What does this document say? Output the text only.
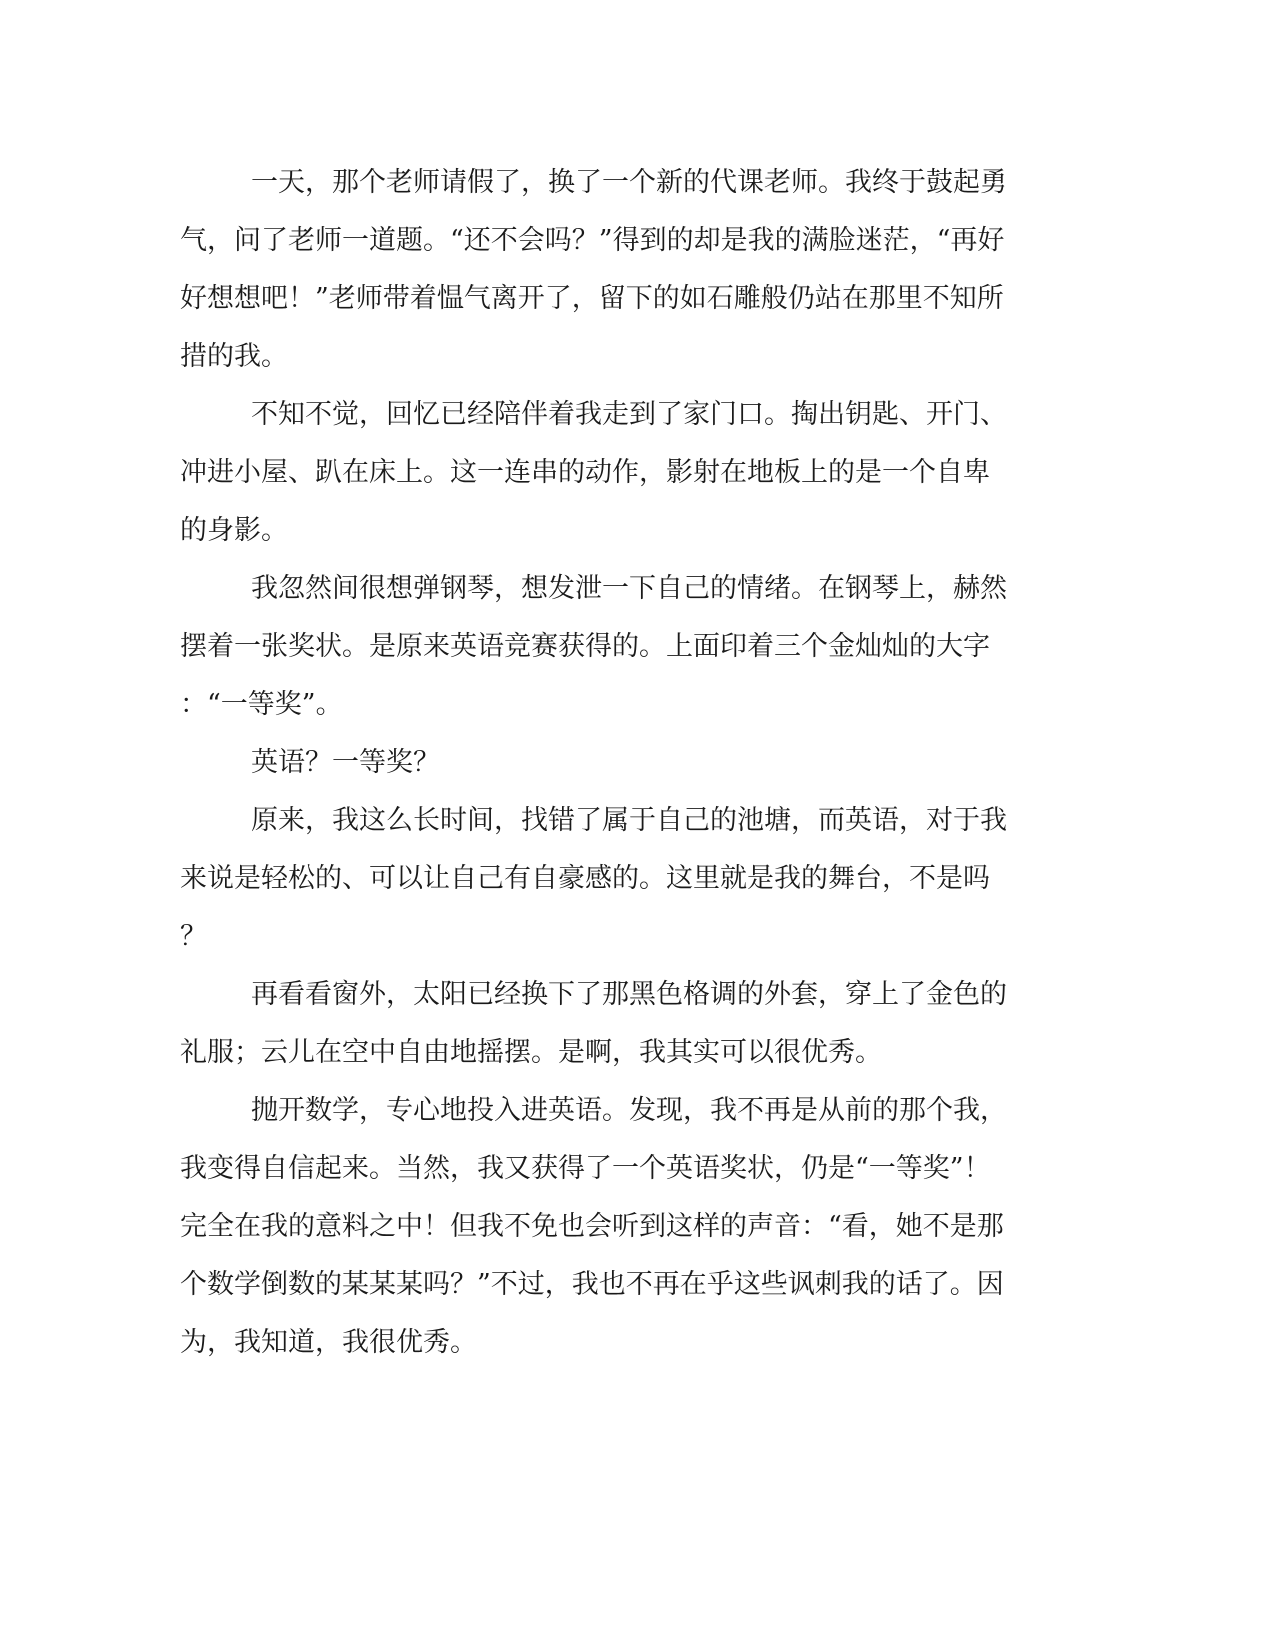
一天，那个老师请假了，换了一个新的代课老师。我终于鼓起勇
气，问了老师一道题。“还不会吗？”得到的却是我的满脸迷茫，“再好
好想想吧！”老师带着愠气离开了，留下的如石雕般仍站在那里不知所
措的我。
不知不觉，回忆已经陪伴着我走到了家门口。掏出钥匙、开门、
冲进小屋、趴在床上。这一连串的动作，影射在地板上的是一个自卑
的身影。
我忽然间很想弹钢琴，想发泄一下自己的情绪。在钢琴上，赫然
摆着一张奖状。是原来英语竞赛获得的。上面印着三个金灿灿的大字
：“一等奖”。
英语？一等奖？
原来，我这么长时间，找错了属于自己的池塘，而英语，对于我
来说是轻松的、可以让自己有自豪感的。这里就是我的舞台，不是吗
？
再看看窗外，太阳已经换下了那黑色格调的外套，穿上了金色的
礼服；云儿在空中自由地摇摆。是啊，我其实可以很优秀。
抛开数学，专心地投入进英语。发现，我不再是从前的那个我，
我变得自信起来。当然，我又获得了一个英语奖状，仍是“一等奖”！
完全在我的意料之中！但我不免也会听到这样的声音：“看，她不是那
个数学倒数的某某某吗？”不过，我也不再在乎这些讽刺我的话了。因
为，我知道，我很优秀。
